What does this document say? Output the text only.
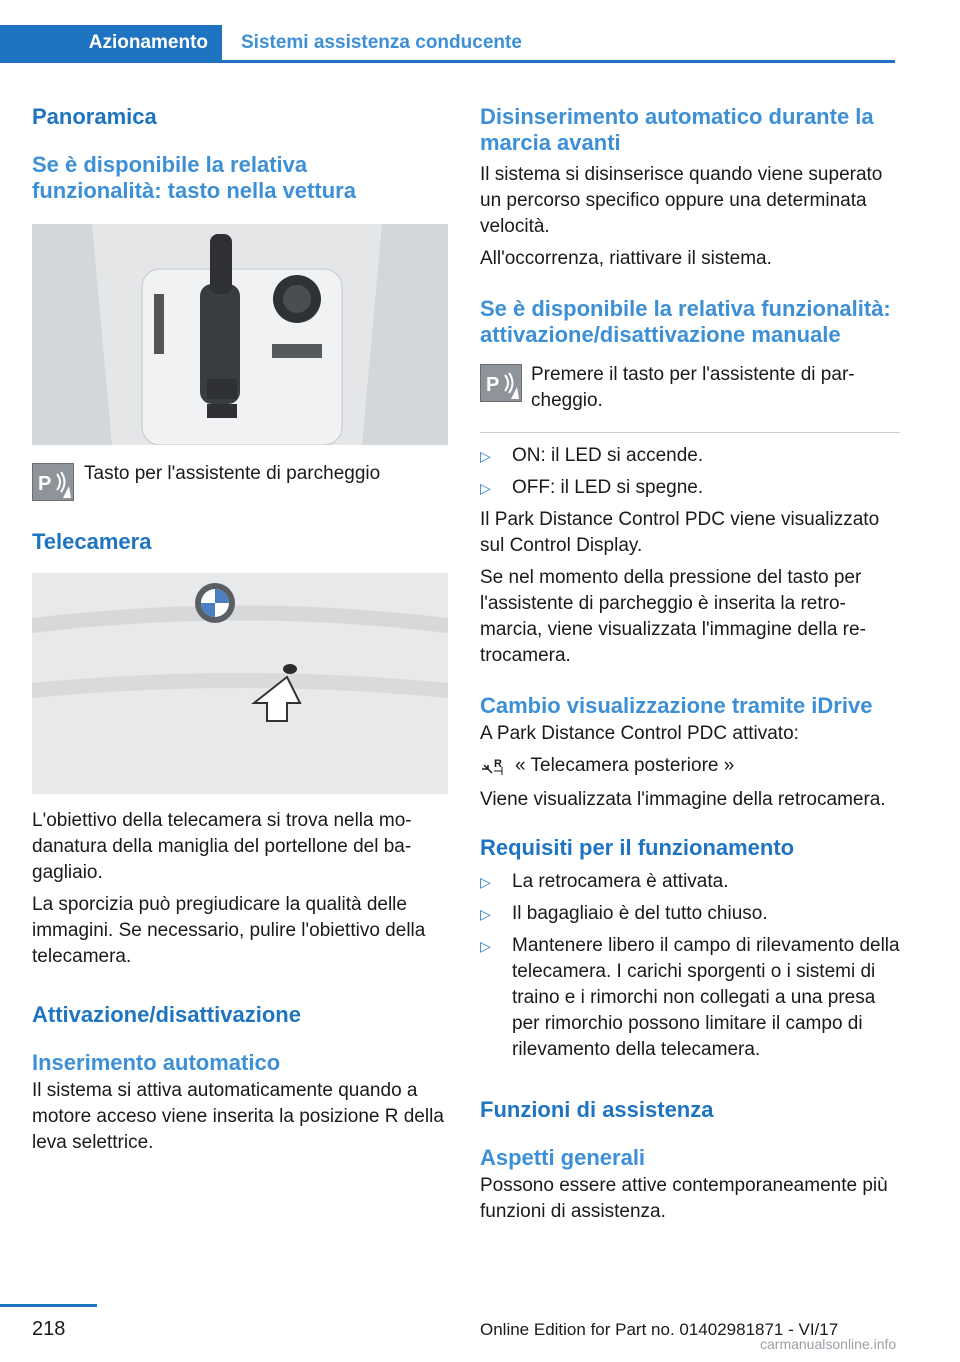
Azionamento Sistemi assistenza conducente
Panoramica
Se è disponibile la relativa funzionalità: tasto nella vettura
P Tasto per l'assistente di parcheggio

Telecamera

L'obiettivo della telecamera si trova nella modanatura della maniglia del portellone del bagagliaio.

La sporcizia può pregiudicare la qualità delle immagini. Se necessario, pulire l'obiettivo della telecamera.

Attivazione/disattivazione
Inserimento automatico

Il sistema si attiva automaticamente quando a motore acceso viene inserita la posizione R della leva selettrice.

Disinserimento automatico durante la marcia avanti

Il sistema si disinserisce quando viene superato un percorso specifico oppure una determinata velocità.

All'occorrenza, riattivare il sistema.

Se è disponibile la relativa funzionalità: attivazione/disattivazione manuale
P Premere il tasto per l'assistente di parcheggio.

▷ ON: il LED si accende.
▷ OFF: il LED si spegne.

Il Park Distance Control PDC viene visualizzato sul Control Display.

Se nel momento della pressione del tasto per l'assistente di parcheggio è inserita la retromarcia, viene visualizzata l'immagine della retrocamera.

Cambio visualizzazione tramite iDrive

A Park Distance Control PDC attivato:

R « Telecamera posteriore »

Viene visualizzata l'immagine della retrocamera.

Requisiti per il funzionamento
▷ La retrocamera è attivata.
▷ Il bagagliaio è del tutto chiuso.
▷ Mantenere libero il campo di rilevamento della telecamera. I carichi sporgenti o i sistemi di traino e i rimorchi non collegati a una presa per rimorchio possono limitare il campo di rilevamento della telecamera.
Funzioni di assistenza
Aspetti generali

Possono essere attive contemporaneamente più funzioni di assistenza.

218	Online Edition for Part no. 01402981871 - VI/17
carmanualsonline.info
